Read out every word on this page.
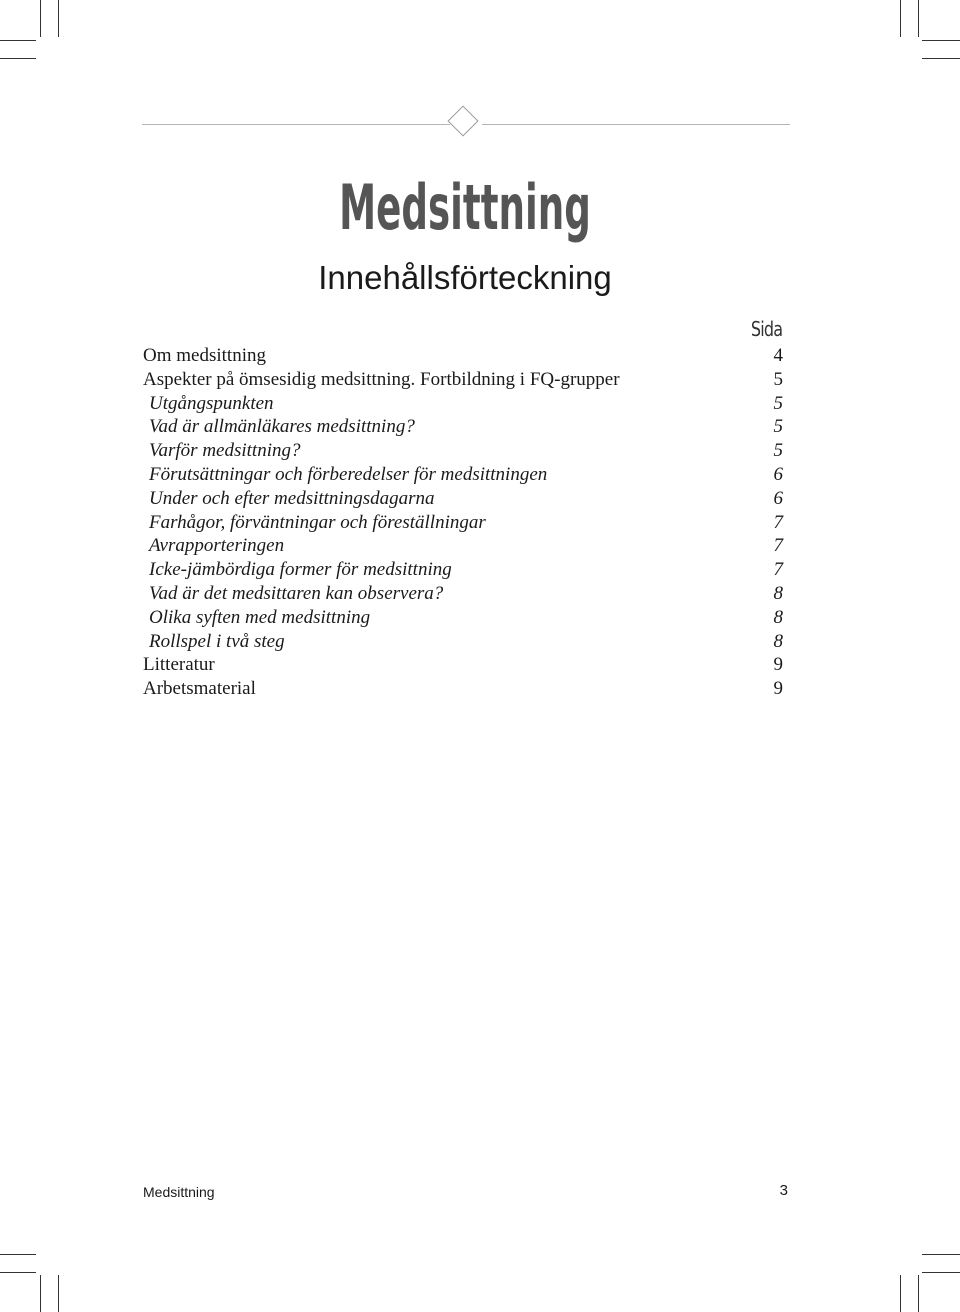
Medsittning
Innehållsförteckning
Sida
Om medsittning	4
Aspekter på ömsesidig medsittning. Fortbildning i FQ-grupper	5
Utgångspunkten	5
Vad är allmänläkares medsittning?	5
Varför medsittning?	5
Förutsättningar och förberedelser för medsittningen	6
Under och efter medsittningsdagarna	6
Farhågor, förväntningar och föreställningar	7
Avrapporteringen	7
Icke-jämbördiga former för medsittning	7
Vad är det medsittaren kan observera?	8
Olika syften med medsittning	8
Rollspel i två steg	8
Litteratur	9
Arbetsmaterial	9
Medsittning	3
